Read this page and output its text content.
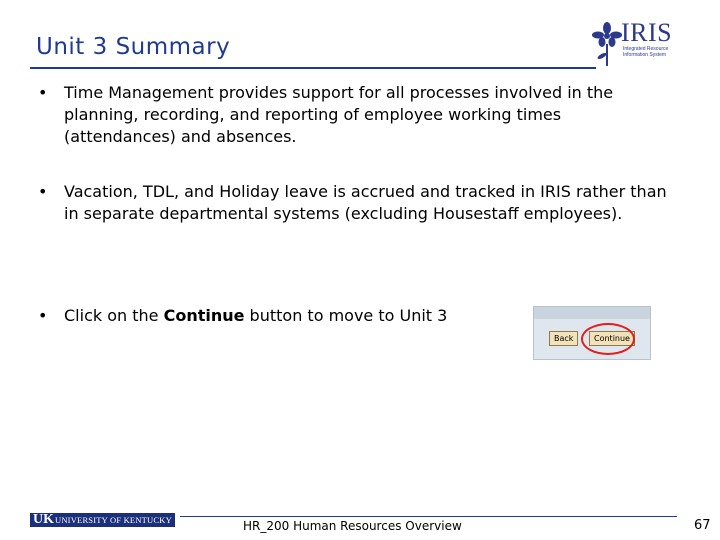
Unit 3 Summary	IRIS
Integrated Resource Information System
• Time Management provides support for all processes involved in the planning, recording, and reporting of employee working times (attendances) and absences.
• Vacation, TDL, and Holiday leave is accrued and tracked in IRIS rather than in separate departmental systems (excluding Housestaff employees).
• Click on the Continue button to move to Unit 3
Back	Continue
UK UNIVERSITY OF KENTUCKY	HR_200 Human Resources Overview	67
